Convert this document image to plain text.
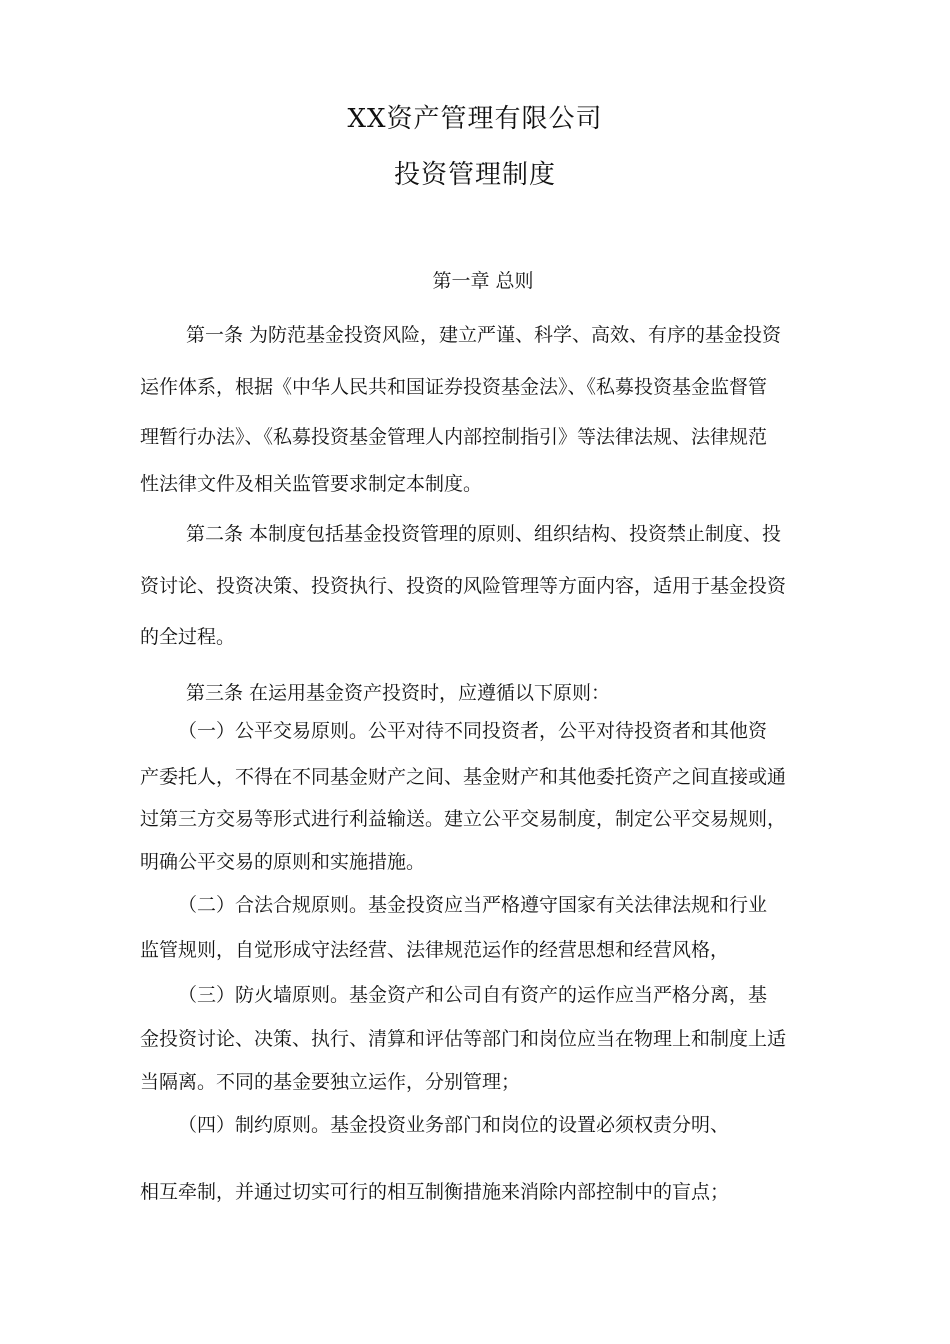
XX资产管理有限公司
投资管理制度
第一章 总则
第一条 为防范基金投资风险，建立严谨、科学、高效、有序的基金投资
运作体系，根据《中华人民共和国证券投资基金法》、《私募投资基金监督管
理暂行办法》、《私募投资基金管理人内部控制指引》等法律法规、法律规范
性法律文件及相关监管要求制定本制度。
第二条 本制度包括基金投资管理的原则、组织结构、投资禁止制度、投
资讨论、投资决策、投资执行、投资的风险管理等方面内容，适用于基金投资
的全过程。
第三条 在运用基金资产投资时，应遵循以下原则：
（一）公平交易原则。公平对待不同投资者，公平对待投资者和其他资
产委托人，不得在不同基金财产之间、基金财产和其他委托资产之间直接或通
过第三方交易等形式进行利益输送。建立公平交易制度，制定公平交易规则，
明确公平交易的原则和实施措施。
（二）合法合规原则。基金投资应当严格遵守国家有关法律法规和行业
监管规则，自觉形成守法经营、法律规范运作的经营思想和经营风格，
（三）防火墙原则。基金资产和公司自有资产的运作应当严格分离，基
金投资讨论、决策、执行、清算和评估等部门和岗位应当在物理上和制度上适
当隔离。不同的基金要独立运作，分别管理；
（四）制约原则。基金投资业务部门和岗位的设置必须权责分明、
相互牵制，并通过切实可行的相互制衡措施来消除内部控制中的盲点；
